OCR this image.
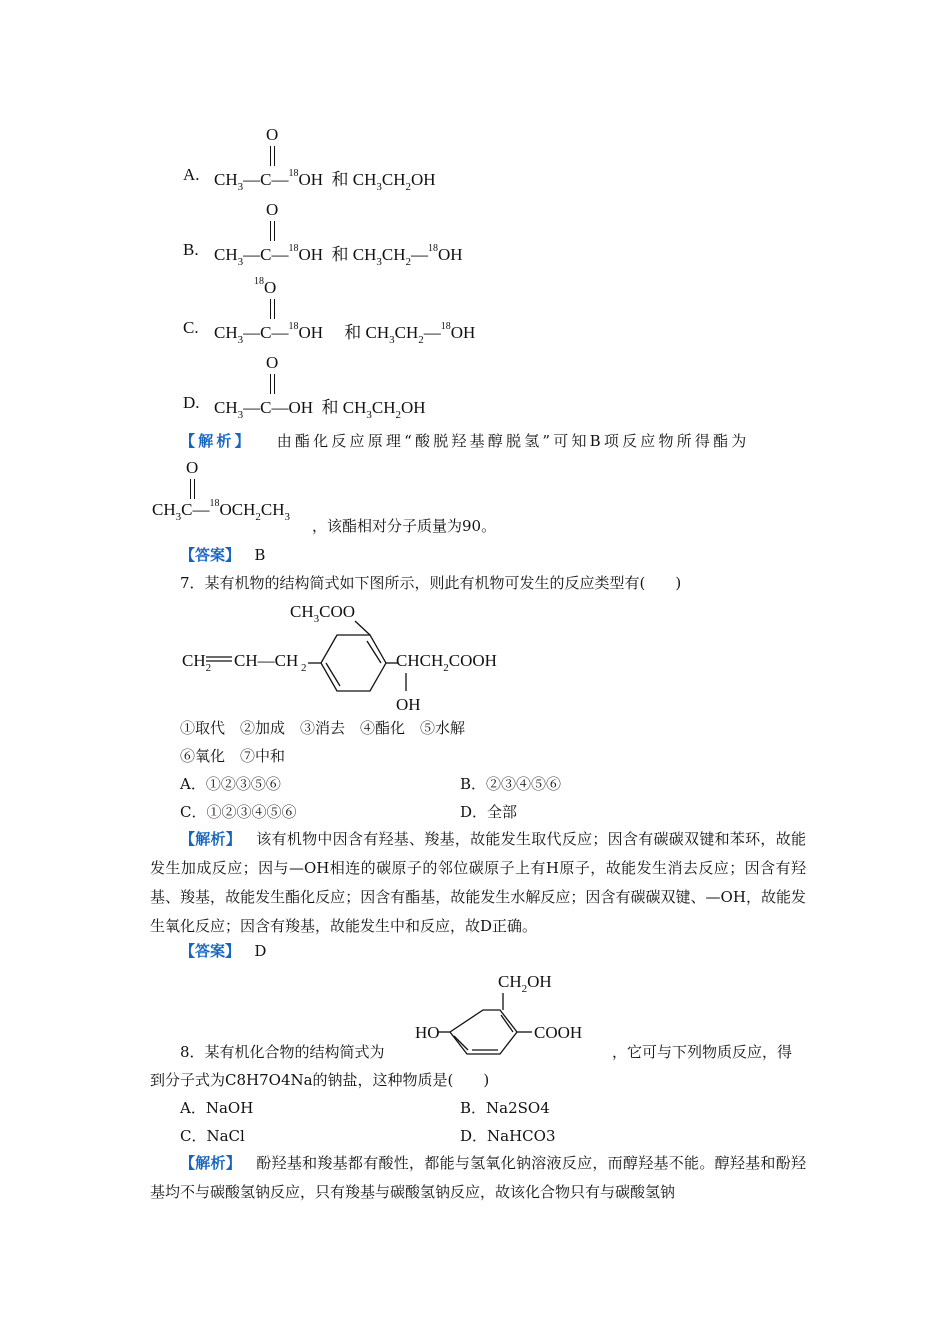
A. $CH_3—C—^{18}OH$  和 $CH_3CH_2OH$
O
B. $CH_3—C—^{18}OH$  和 $CH_3CH_2—^{18}OH$
O
C. $CH_3—C—^{18}OH$     和 $CH_3CH_2—^{18}OH$
$^{18}$O
D. $CH_3—C—OH$  和 $CH_3CH_2OH$
O
【解析】 由酯化反应原理“酸脱羟基醇脱氢”可知B项反应物所得酯为
O
$CH_3C—^{18}OCH_2CH_3$ ，该酯相对分子质量为90。
【答案】 B
7．某有机物的结构简式如下图所示，则此有机物可发生的反应类型有(　　)
$CH_3COO$
$CH_2$ CH—CH 2	$CHCH_2COOH$
OH
①取代　②加成　③消去　④酯化　⑤水解
⑥氧化　⑦中和
A．①②③⑤⑥	B．②③④⑤⑥
C．①②③④⑤⑥	D．全部
【解析】 该有机物中因含有羟基、羧基，故能发生取代反应；因含有碳碳双键和苯环，故能发生加成反应；因与—OH相连的碳原子的邻位碳原子上有H原子，故能发生消去反应；因含有羟基、羧基，故能发生酯化反应；因含有酯基，故能发生水解反应；因含有碳碳双键、—OH，故能发生氧化反应；因含有羧基，故能发生中和反应，故D正确。
【答案】 D
$CH_2OH$
HO	COOH
8．某有机化合物的结构简式为	，它可与下列物质反应，得
到分子式为C8H7O4Na的钠盐，这种物质是(　　)
A．NaOH	B．Na2SO4
C．NaCl	D．NaHCO3
【解析】 酚羟基和羧基都有酸性，都能与氢氧化钠溶液反应，而醇羟基不能。醇羟基和酚羟基均不与碳酸氢钠反应，只有羧基与碳酸氢钠反应，故该化合物只有与碳酸氢钠
